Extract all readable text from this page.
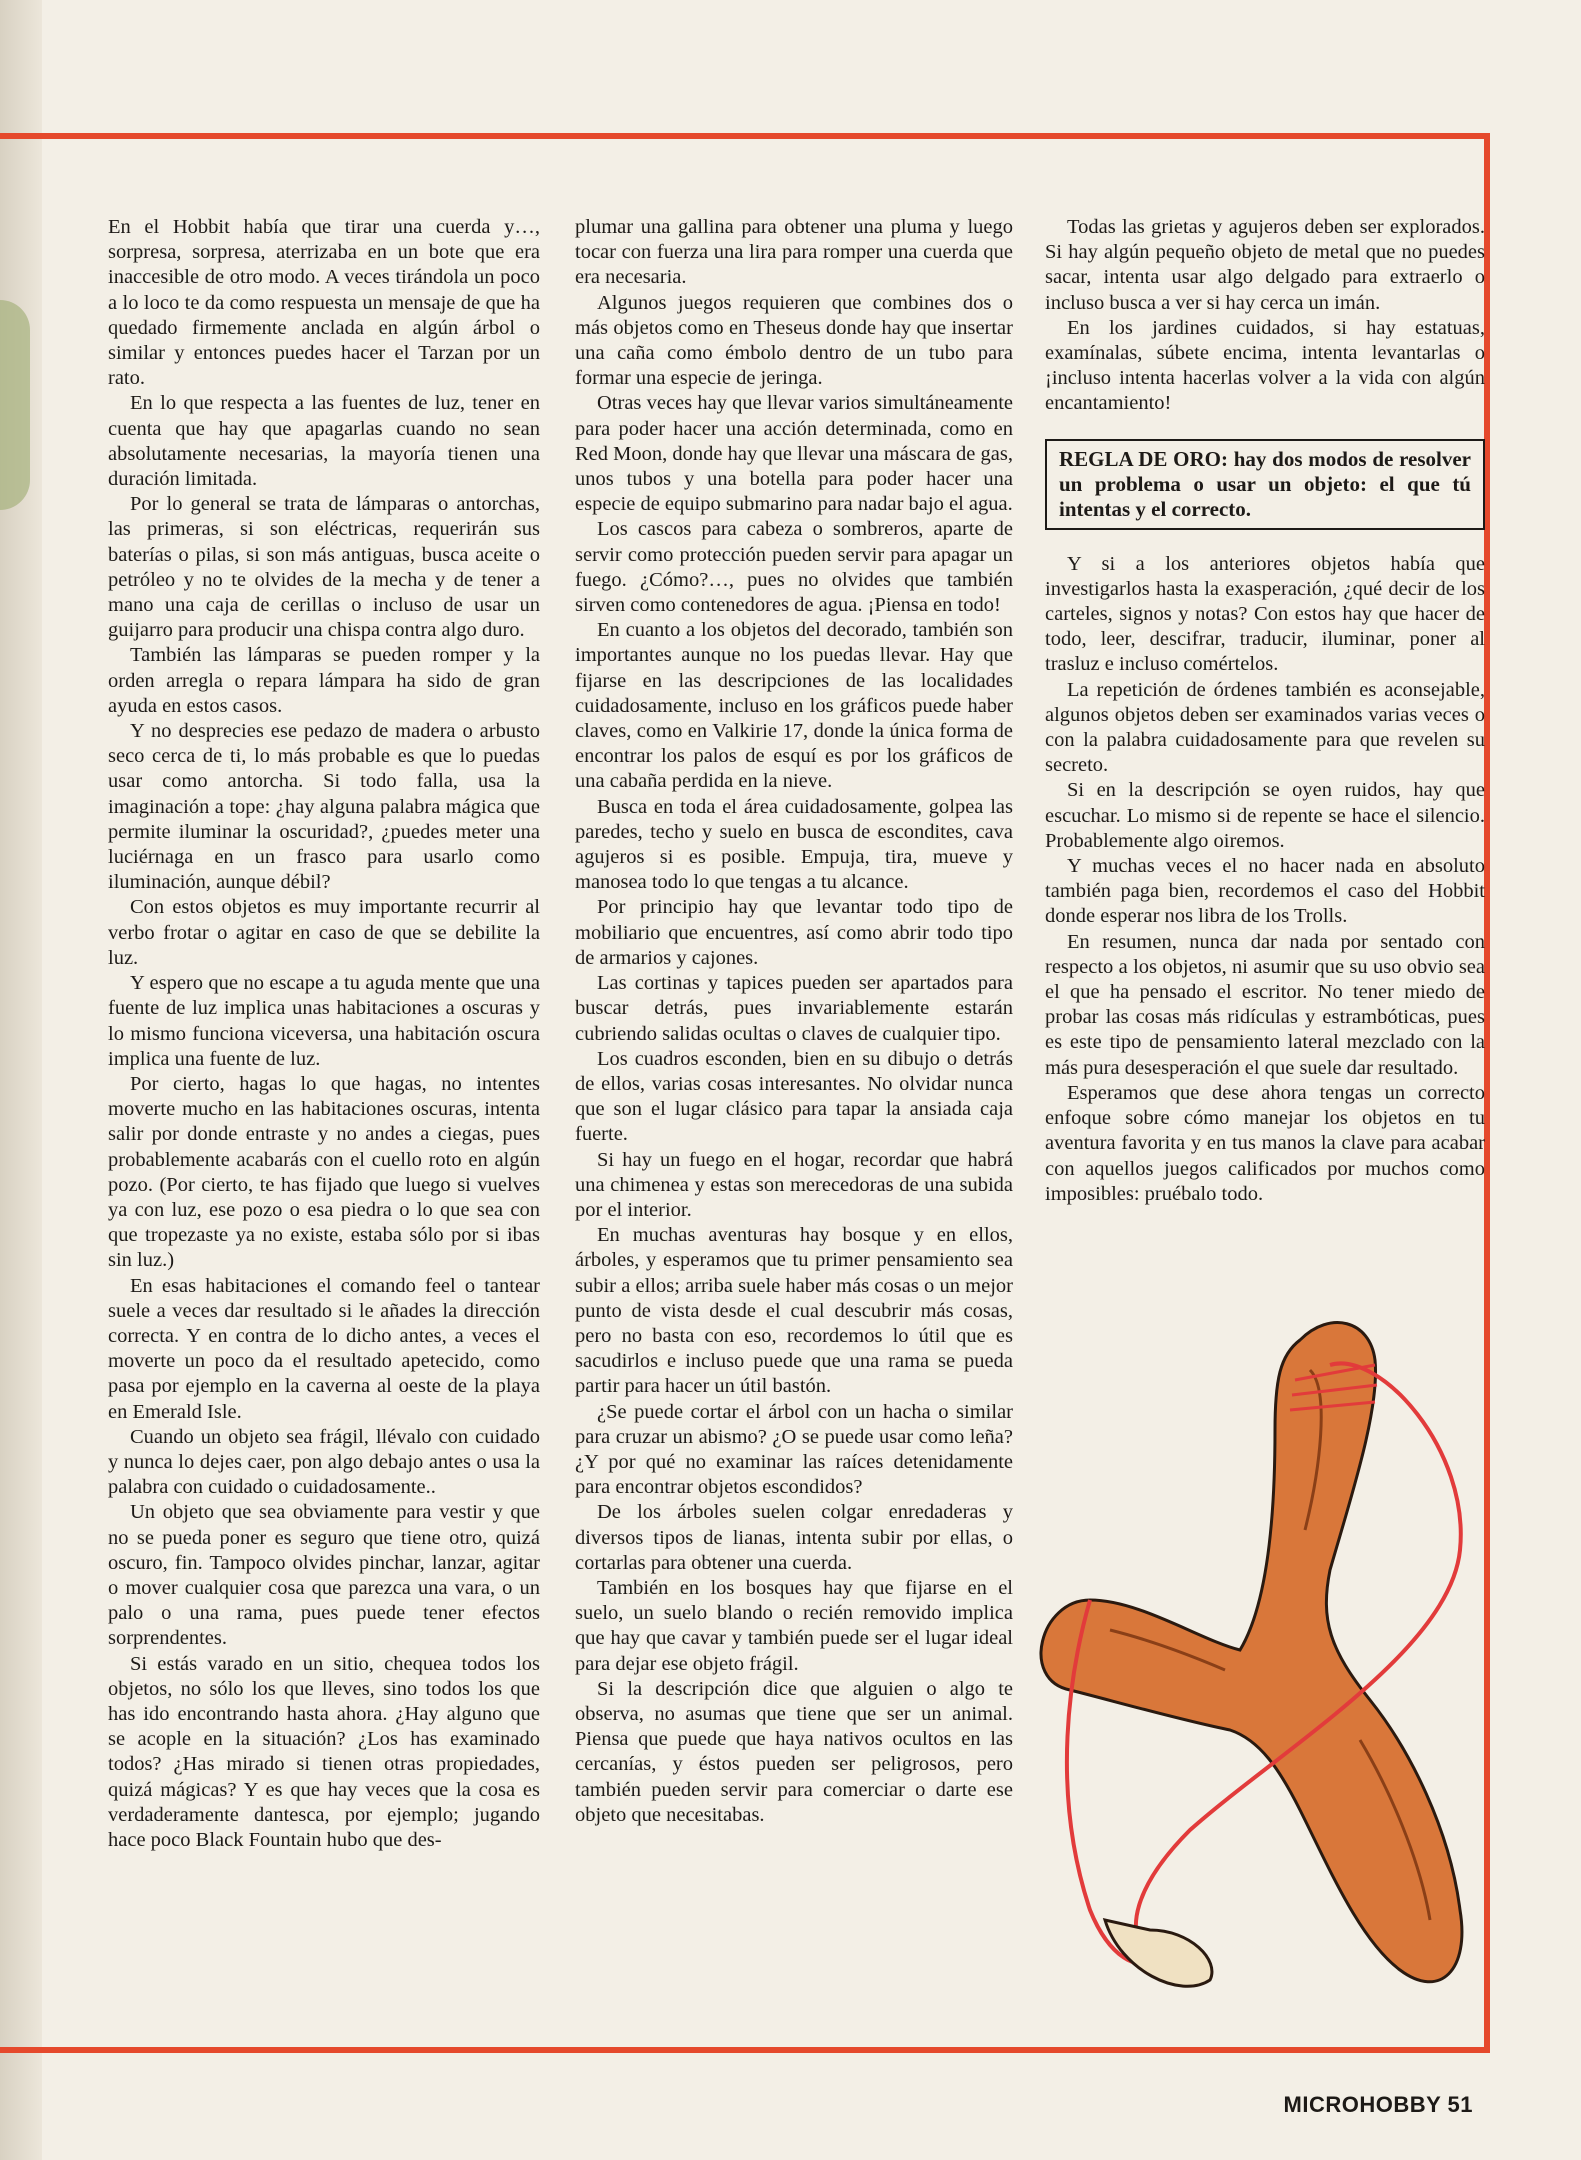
En el Hobbit había que tirar una cuerda y…, sorpresa, sorpresa, aterrizaba en un bote que era inaccesible de otro modo. A veces tirándola un poco a lo loco te da como respuesta un mensaje de que ha quedado firmemente anclada en algún árbol o similar y entonces puedes hacer el Tarzan por un rato.

En lo que respecta a las fuentes de luz, tener en cuenta que hay que apagarlas cuando no sean absolutamente necesarias, la mayoría tienen una duración limitada.

Por lo general se trata de lámparas o antorchas, las primeras, si son eléctricas, requerirán sus baterías o pilas, si son más antiguas, busca aceite o petróleo y no te olvides de la mecha y de tener a mano una caja de cerillas o incluso de usar un guijarro para producir una chispa contra algo duro.

También las lámparas se pueden romper y la orden arregla o repara lámpara ha sido de gran ayuda en estos casos.

Y no desprecies ese pedazo de madera o arbusto seco cerca de ti, lo más probable es que lo puedas usar como antorcha. Si todo falla, usa la imaginación a tope: ¿hay alguna palabra mágica que permite iluminar la oscuridad?, ¿puedes meter una luciérnaga en un frasco para usarlo como iluminación, aunque débil?

Con estos objetos es muy importante recurrir al verbo frotar o agitar en caso de que se debilite la luz.

Y espero que no escape a tu aguda mente que una fuente de luz implica unas habitaciones a oscuras y lo mismo funciona viceversa, una habitación oscura implica una fuente de luz.

Por cierto, hagas lo que hagas, no intentes moverte mucho en las habitaciones oscuras, intenta salir por donde entraste y no andes a ciegas, pues probablemente acabarás con el cuello roto en algún pozo. (Por cierto, te has fijado que luego si vuelves ya con luz, ese pozo o esa piedra o lo que sea con que tropezaste ya no existe, estaba sólo por si ibas sin luz.)

En esas habitaciones el comando feel o tantear suele a veces dar resultado si le añades la dirección correcta. Y en contra de lo dicho antes, a veces el moverte un poco da el resultado apetecido, como pasa por ejemplo en la caverna al oeste de la playa en Emerald Isle.

Cuando un objeto sea frágil, llévalo con cuidado y nunca lo dejes caer, pon algo debajo antes o usa la palabra con cuidado o cuidadosamente..

Un objeto que sea obviamente para vestir y que no se pueda poner es seguro que tiene otro, quizá oscuro, fin. Tampoco olvides pinchar, lanzar, agitar o mover cualquier cosa que parezca una vara, o un palo o una rama, pues puede tener efectos sorprendentes.

Si estás varado en un sitio, chequea todos los objetos, no sólo los que lleves, sino todos los que has ido encontrando hasta ahora. ¿Hay alguno que se acople en la situación? ¿Los has examinado todos? ¿Has mirado si tienen otras propiedades, quizá mágicas? Y es que hay veces que la cosa es verdaderamente dantesca, por ejemplo; jugando hace poco Black Fountain hubo que des-

plumar una gallina para obtener una pluma y luego tocar con fuerza una lira para romper una cuerda que era necesaria.

Algunos juegos requieren que combines dos o más objetos como en Theseus donde hay que insertar una caña como émbolo dentro de un tubo para formar una especie de jeringa.

Otras veces hay que llevar varios simultáneamente para poder hacer una acción determinada, como en Red Moon, donde hay que llevar una máscara de gas, unos tubos y una botella para poder hacer una especie de equipo submarino para nadar bajo el agua.

Los cascos para cabeza o sombreros, aparte de servir como protección pueden servir para apagar un fuego. ¿Cómo?…, pues no olvides que también sirven como contenedores de agua. ¡Piensa en todo!

En cuanto a los objetos del decorado, también son importantes aunque no los puedas llevar. Hay que fijarse en las descripciones de las localidades cuidadosamente, incluso en los gráficos puede haber claves, como en Valkirie 17, donde la única forma de encontrar los palos de esquí es por los gráficos de una cabaña perdida en la nieve.

Busca en toda el área cuidadosamente, golpea las paredes, techo y suelo en busca de escondites, cava agujeros si es posible. Empuja, tira, mueve y manosea todo lo que tengas a tu alcance.

Por principio hay que levantar todo tipo de mobiliario que encuentres, así como abrir todo tipo de armarios y cajones.

Las cortinas y tapices pueden ser apartados para buscar detrás, pues invariablemente estarán cubriendo salidas ocultas o claves de cualquier tipo.

Los cuadros esconden, bien en su dibujo o detrás de ellos, varias cosas interesantes. No olvidar nunca que son el lugar clásico para tapar la ansiada caja fuerte.

Si hay un fuego en el hogar, recordar que habrá una chimenea y estas son merecedoras de una subida por el interior.

En muchas aventuras hay bosque y en ellos, árboles, y esperamos que tu primer pensamiento sea subir a ellos; arriba suele haber más cosas o un mejor punto de vista desde el cual descubrir más cosas, pero no basta con eso, recordemos lo útil que es sacudirlos e incluso puede que una rama se pueda partir para hacer un útil bastón.

¿Se puede cortar el árbol con un hacha o similar para cruzar un abismo? ¿O se puede usar como leña? ¿Y por qué no examinar las raíces detenidamente para encontrar objetos escondidos?

De los árboles suelen colgar enredaderas y diversos tipos de lianas, intenta subir por ellas, o cortarlas para obtener una cuerda.

También en los bosques hay que fijarse en el suelo, un suelo blando o recién removido implica que hay que cavar y también puede ser el lugar ideal para dejar ese objeto frágil.

Si la descripción dice que alguien o algo te observa, no asumas que tiene que ser un animal. Piensa que puede que haya nativos ocultos en las cercanías, y éstos pueden ser peligrosos, pero también pueden servir para comerciar o darte ese objeto que necesitabas.

Todas las grietas y agujeros deben ser explorados. Si hay algún pequeño objeto de metal que no puedes sacar, intenta usar algo delgado para extraerlo o incluso busca a ver si hay cerca un imán.

En los jardines cuidados, si hay estatuas, examínalas, súbete encima, intenta levantarlas o ¡incluso intenta hacerlas volver a la vida con algún encantamiento!

REGLA DE ORO: hay dos modos de resolver un problema o usar un objeto: el que tú intentas y el correcto.

Y si a los anteriores objetos había que investigarlos hasta la exasperación, ¿qué decir de los carteles, signos y notas? Con estos hay que hacer de todo, leer, descifrar, traducir, iluminar, poner al trasluz e incluso comértelos.

La repetición de órdenes también es aconsejable, algunos objetos deben ser examinados varias veces o con la palabra cuidadosamente para que revelen su secreto.

Si en la descripción se oyen ruidos, hay que escuchar. Lo mismo si de repente se hace el silencio. Probablemente algo oiremos.

Y muchas veces el no hacer nada en absoluto también paga bien, recordemos el caso del Hobbit donde esperar nos libra de los Trolls.

En resumen, nunca dar nada por sentado con respecto a los objetos, ni asumir que su uso obvio sea el que ha pensado el escritor. No tener miedo de probar las cosas más ridículas y estrambóticas, pues es este tipo de pensamiento lateral mezclado con la más pura desesperación el que suele dar resultado.

Esperamos que dese ahora tengas un correcto enfoque sobre cómo manejar los objetos en tu aventura favorita y en tus manos la clave para acabar con aquellos juegos calificados por muchos como imposibles: pruébalo todo.

MICROHOBBY 51
